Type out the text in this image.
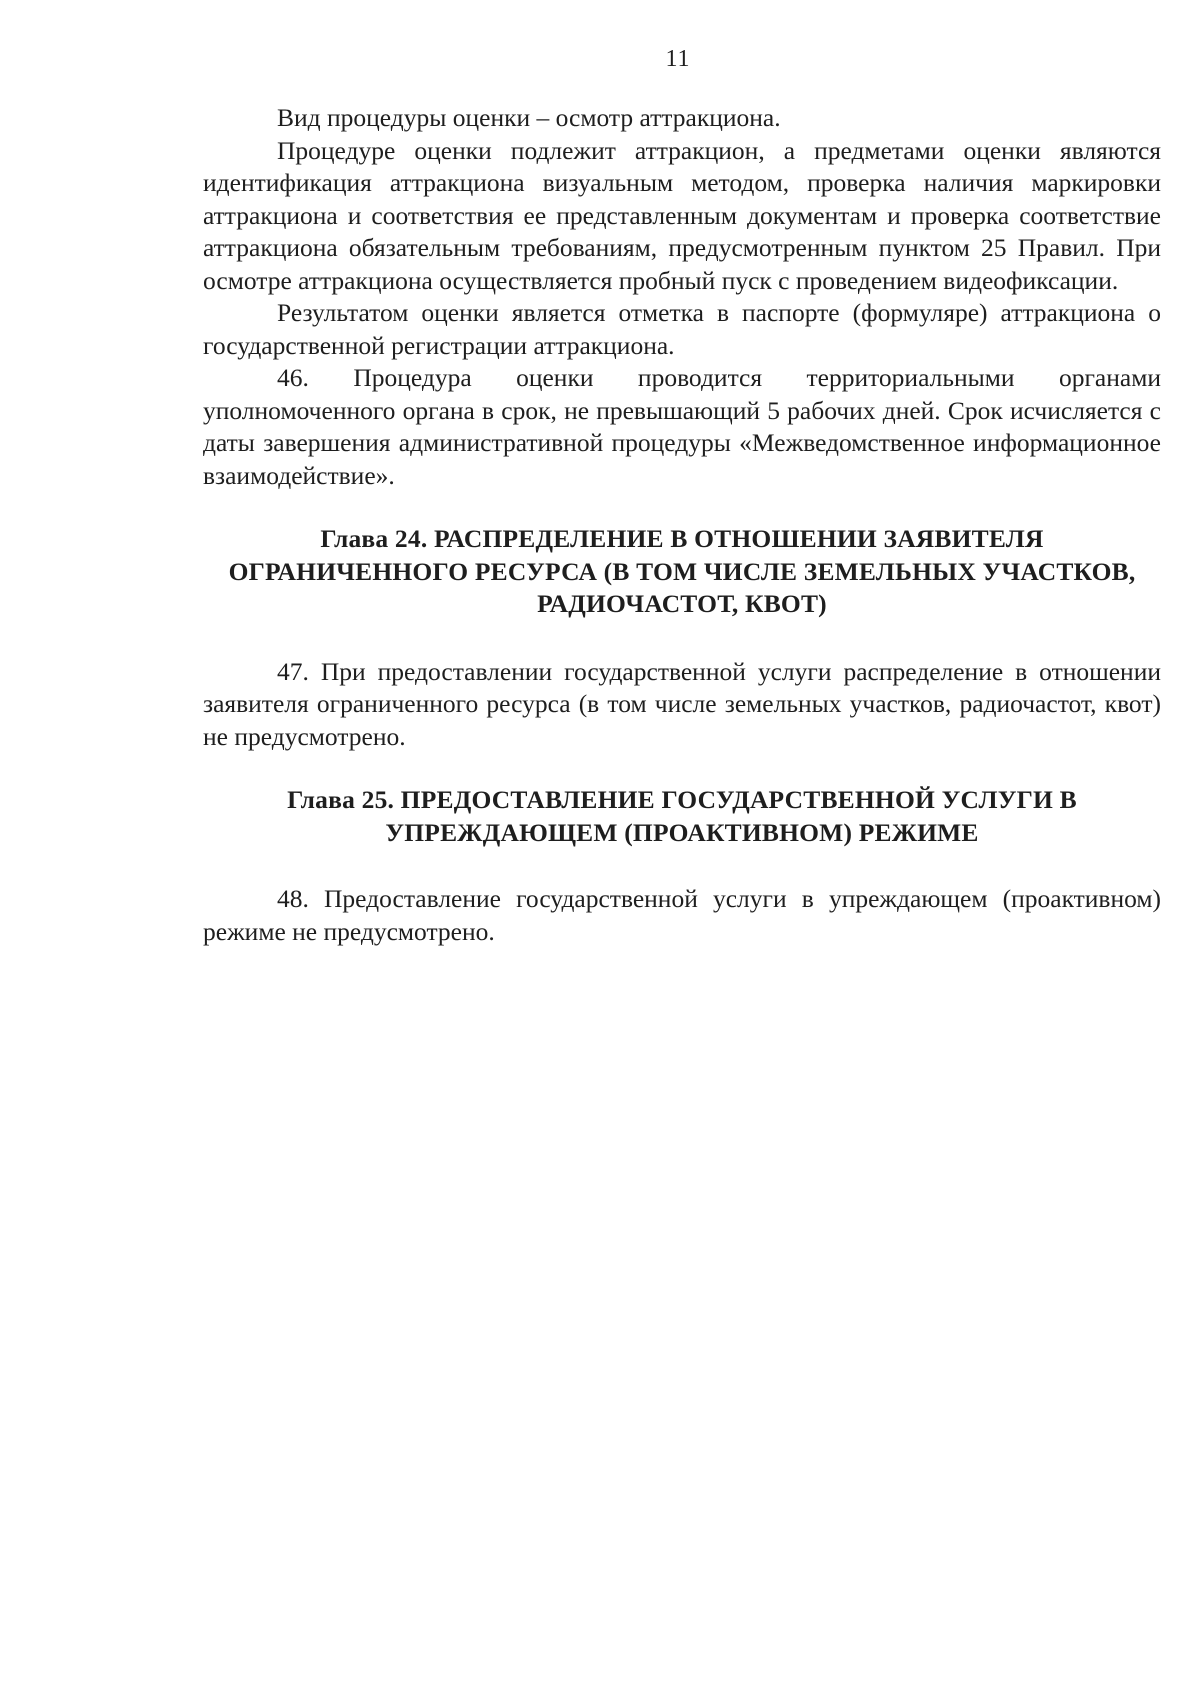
11

Вид процедуры оценки – осмотр аттракциона.

Процедуре оценки подлежит аттракцион, а предметами оценки являются идентификация аттракциона визуальным методом, проверка наличия маркировки аттракциона и соответствия ее представленным документам и проверка соответствие аттракциона обязательным требованиям, предусмотренным пунктом 25 Правил. При осмотре аттракциона осуществляется пробный пуск с проведением видеофиксации.

Результатом оценки является отметка в паспорте (формуляре) аттракциона о государственной регистрации аттракциона.

46. Процедура оценки проводится территориальными органами уполномоченного органа в срок, не превышающий 5 рабочих дней. Срок исчисляется с даты завершения административной процедуры «Межведомственное информационное взаимодействие».

Глава 24. РАСПРЕДЕЛЕНИЕ В ОТНОШЕНИИ ЗАЯВИТЕЛЯ ОГРАНИЧЕННОГО РЕСУРСА (В ТОМ ЧИСЛЕ ЗЕМЕЛЬНЫХ УЧАСТКОВ, РАДИОЧАСТОТ, КВОТ)

47. При предоставлении государственной услуги распределение в отношении заявителя ограниченного ресурса (в том числе земельных участков, радиочастот, квот) не предусмотрено.

Глава 25. ПРЕДОСТАВЛЕНИЕ ГОСУДАРСТВЕННОЙ УСЛУГИ В УПРЕЖДАЮЩЕМ (ПРОАКТИВНОМ) РЕЖИМЕ

48. Предоставление государственной услуги в упреждающем (проактивном) режиме не предусмотрено.
